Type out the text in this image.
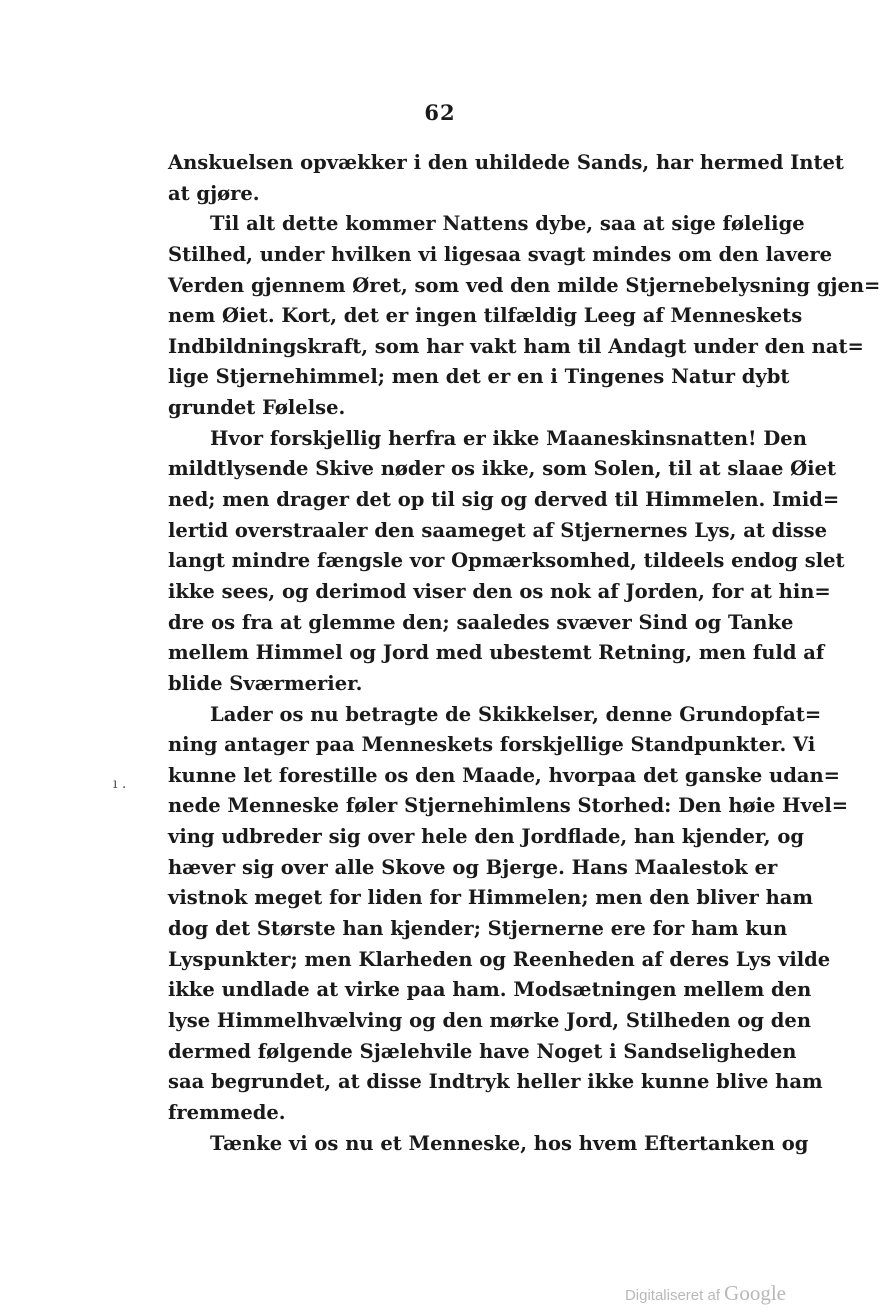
62
ı .
Anskuelsen opvækker i den uhildede Sands, har hermed Intet
at gjøre.
Til alt dette kommer Nattens dybe, saa at sige følelige
Stilhed, under hvilken vi ligesaa svagt mindes om den lavere
Verden gjennem Øret, som ved den milde Stjernebelysning gjen=
nem Øiet. Kort, det er ingen tilfældig Leeg af Menneskets
Indbildningskraft, som har vakt ham til Andagt under den nat=
lige Stjernehimmel; men det er en i Tingenes Natur dybt
grundet Følelse.
Hvor forskjellig herfra er ikke Maaneskinsnatten! Den
mildtlysende Skive nøder os ikke, som Solen, til at slaae Øiet
ned; men drager det op til sig og derved til Himmelen. Imid=
lertid overstraaler den saameget af Stjernernes Lys, at disse
langt mindre fængsle vor Opmærksomhed, tildeels endog slet
ikke sees, og derimod viser den os nok af Jorden, for at hin=
dre os fra at glemme den; saaledes svæver Sind og Tanke
mellem Himmel og Jord med ubestemt Retning, men fuld af
blide Sværmerier.
Lader os nu betragte de Skikkelser, denne Grundopfat=
ning antager paa Menneskets forskjellige Standpunkter. Vi
kunne let forestille os den Maade, hvorpaa det ganske udan=
nede Menneske føler Stjernehimlens Storhed: Den høie Hvel=
ving udbreder sig over hele den Jordflade, han kjender, og
hæver sig over alle Skove og Bjerge. Hans Maalestok er
vistnok meget for liden for Himmelen; men den bliver ham
dog det Største han kjender; Stjernerne ere for ham kun
Lyspunkter; men Klarheden og Reenheden af deres Lys vilde
ikke undlade at virke paa ham. Modsætningen mellem den
lyse Himmelhvælving og den mørke Jord, Stilheden og den
dermed følgende Sjælehvile have Noget i Sandseligheden
saa begrundet, at disse Indtryk heller ikke kunne blive ham
fremmede.
Tænke vi os nu et Menneske, hos hvem Eftertanken og
Digitaliseret af Google
